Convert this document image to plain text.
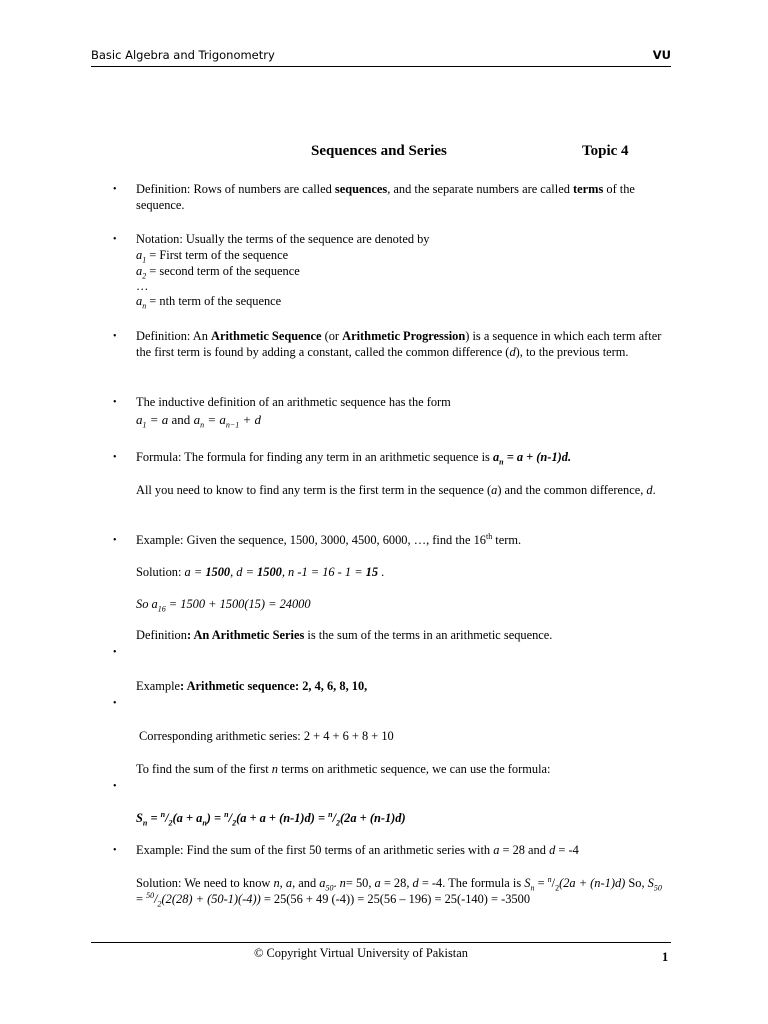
Basic Algebra and Trigonometry	VU
Sequences and Series	Topic 4
• Definition: Rows of numbers are called sequences, and the separate numbers are called terms of the sequence.
• Notation: Usually the terms of the sequence are denoted by
$a_1$ = First term of the sequence
$a_2$ = second term of the sequence
…
$a_n$ = nth term of the sequence
• Definition: An Arithmetic Sequence (or Arithmetic Progression) is a sequence in which each term after the first term is found by adding a constant, called the common difference (d), to the previous term.
• The inductive definition of an arithmetic sequence has the form
$a_1 = a$ and $a_n = a_{n-1} + d$
• Formula: The formula for finding any term in an arithmetic sequence is $a_n = a + (n-1)d$.
All you need to know to find any term is the first term in the sequence (a) and the common difference, d.
• Example: Given the sequence, 1500, 3000, 4500, 6000, …, find the 16th term.
Solution: a = 1500, d = 1500, n -1 = 16 - 1 = 15 .
So $a_{16} = 1500 + 1500(15) = 24000$
Definition: An Arithmetic Series is the sum of the terms in an arithmetic sequence.
•
Example: Arithmetic sequence: 2, 4, 6, 8, 10,
•
Corresponding arithmetic series: 2 + 4 + 6 + 8 + 10
To find the sum of the first n terms on arithmetic sequence, we can use the formula:
•
$S_n = ^n/_2(a + a_n) = ^n/_2(a + a + (n-1)d) = ^n/_2(2a + (n-1)d)$
• Example: Find the sum of the first 50 terms of an arithmetic series with a = 28 and d = -4
Solution: We need to know n, a, and $a_{50}$. n= 50, a = 28, d = -4. The formula is $S_n = ^n/_2(2a + (n-1)d)$ So, $S_{50} = ^{50}/_2(2(28) + (50-1)(-4)) = 25(56 + 49$ (-4)) = 25(56 – 196) = 25(-140) = -3500
© Copyright Virtual University of Pakistan	1
